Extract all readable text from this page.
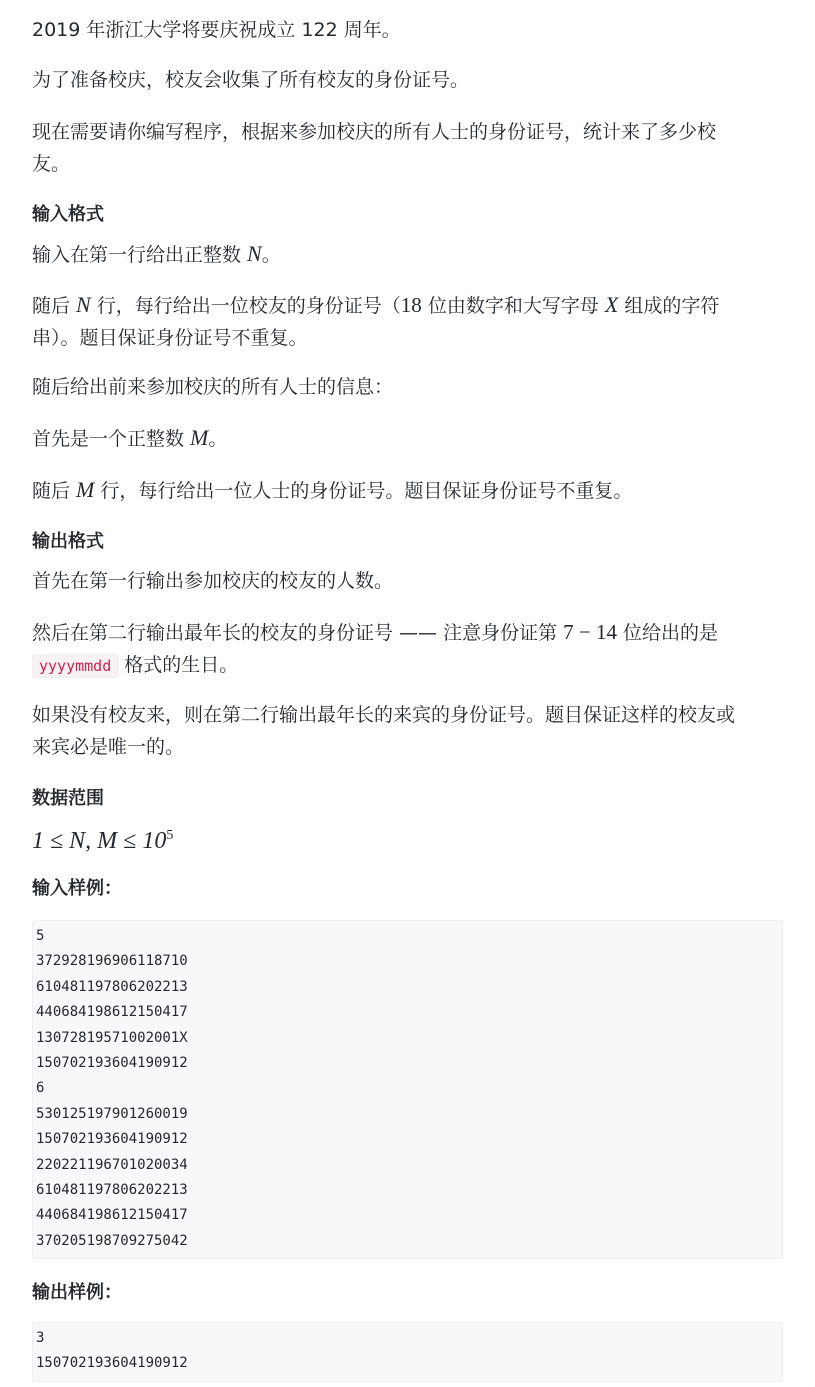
2019 年浙江大学将要庆祝成立 122 周年。

为了准备校庆，校友会收集了所有校友的身份证号。

现在需要请你编写程序，根据来参加校庆的所有人士的身份证号，统计来了多少校
友。

输入格式

输入在第一行给出正整数 N。

随后 N 行，每行给出一位校友的身份证号（18 位由数字和大写字母 X 组成的字符
串）。题目保证身份证号不重复。

随后给出前来参加校庆的所有人士的信息：

首先是一个正整数 M。

随后 M 行，每行给出一位人士的身份证号。题目保证身份证号不重复。

输出格式

首先在第一行输出参加校庆的校友的人数。

然后在第二行输出最年长的校友的身份证号 —— 注意身份证第 7 − 14 位给出的是
yyyymmdd 格式的生日。

如果没有校友来，则在第二行输出最年长的来宾的身份证号。题目保证这样的校友或
来宾必是唯一的。

数据范围

1 ≤ N, $M \le 10^5$

输入样例：
5
372928196906118710
610481197806202213
440684198612150417
13072819571002001X
150702193604190912
6
530125197901260019
150702193604190912
220221196701020034
610481197806202213
440684198612150417
370205198709275042
输出样例：
3
150702193604190912
